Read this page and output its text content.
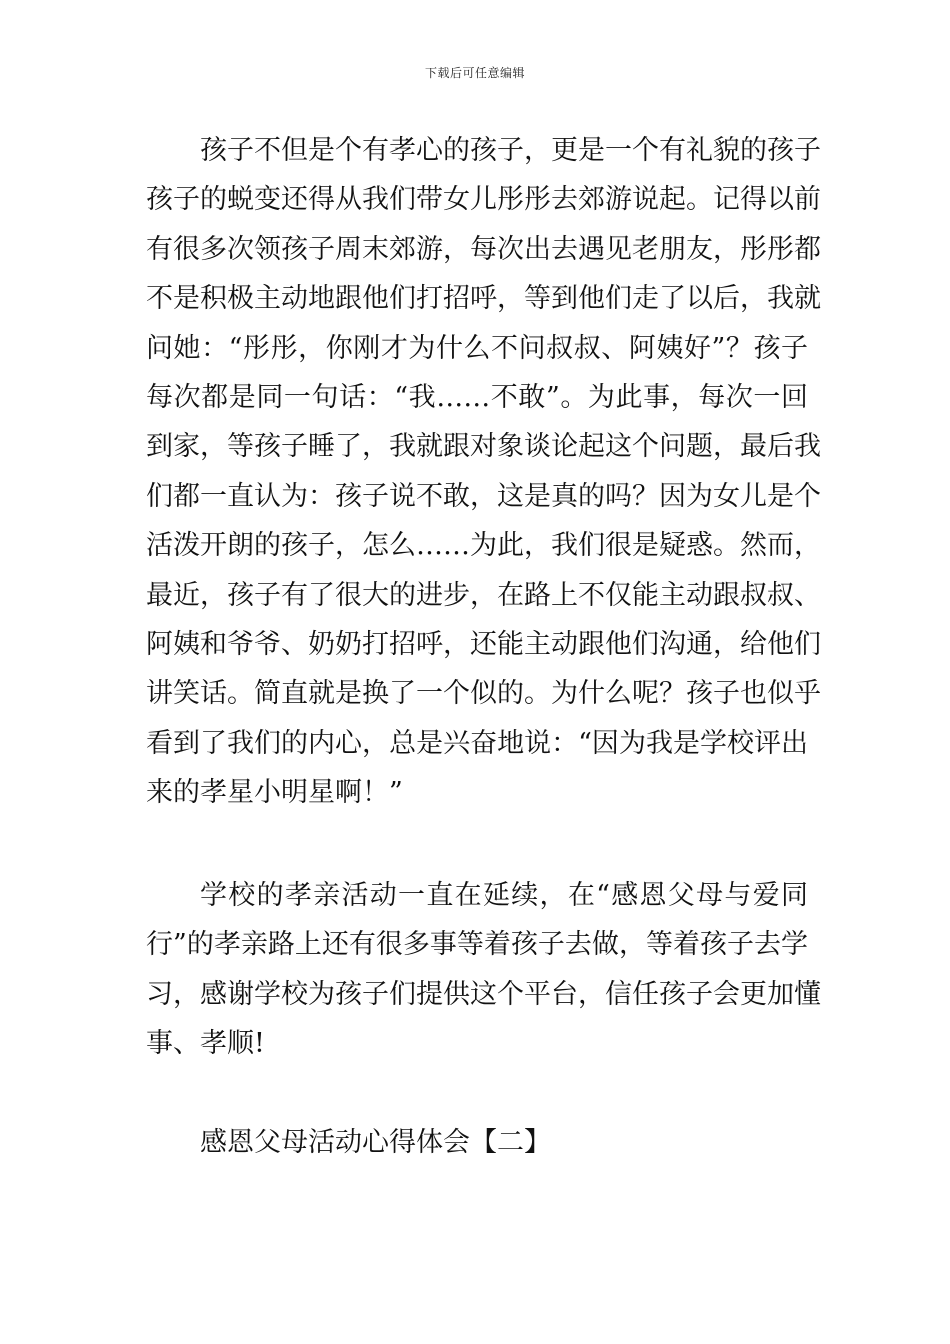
下载后可任意编辑
孩子不但是个有孝心的孩子，更是一个有礼貌的孩子
孩子的蜕变还得从我们带女儿彤彤去郊游说起。记得以前
有很多次领孩子周末郊游，每次出去遇见老朋友，彤彤都
不是积极主动地跟他们打招呼，等到他们走了以后，我就
问她：“彤彤，你刚才为什么不问叔叔、阿姨好”？孩子
每次都是同一句话：“我……不敢”。为此事，每次一回
到家，等孩子睡了，我就跟对象谈论起这个问题，最后我
们都一直认为：孩子说不敢，这是真的吗？因为女儿是个
活泼开朗的孩子，怎么……为此，我们很是疑惑。然而，
最近，孩子有了很大的进步，在路上不仅能主动跟叔叔、
阿姨和爷爷、奶奶打招呼，还能主动跟他们沟通，给他们
讲笑话。简直就是换了一个似的。为什么呢？孩子也似乎
看到了我们的内心，总是兴奋地说：“因为我是学校评出
来的孝星小明星啊！”
学校的孝亲活动一直在延续，在“感恩父母与爱同
行”的孝亲路上还有很多事等着孩子去做，等着孩子去学
习，感谢学校为孩子们提供这个平台，信任孩子会更加懂
事、孝顺!
感恩父母活动心得体会【二】
